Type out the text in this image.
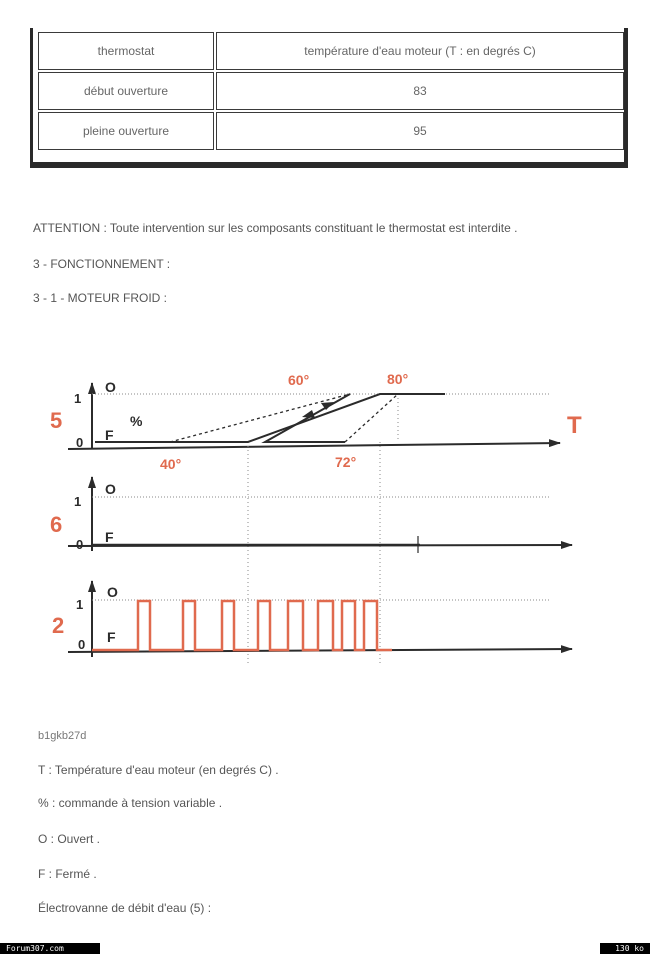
thermostat	température d'eau moteur (T : en degrés C)
début ouverture	83
pleine ouverture	95
ATTENTION : Toute intervention sur les composants constituant le thermostat est interdite .
3 - FONCTIONNEMENT :
3 - 1 - MOTEUR FROID :
5
1
0
O
F
%
40°
60°
72°
80°
T
6
1
0
O
F
2
1
0
O
F
b1gkb27d
T : Température d'eau moteur (en degrés C) .
% : commande à tension variable .
O : Ouvert .
F : Fermé .
Électrovanne de débit d'eau (5) :
Forum307.com	130 ko
